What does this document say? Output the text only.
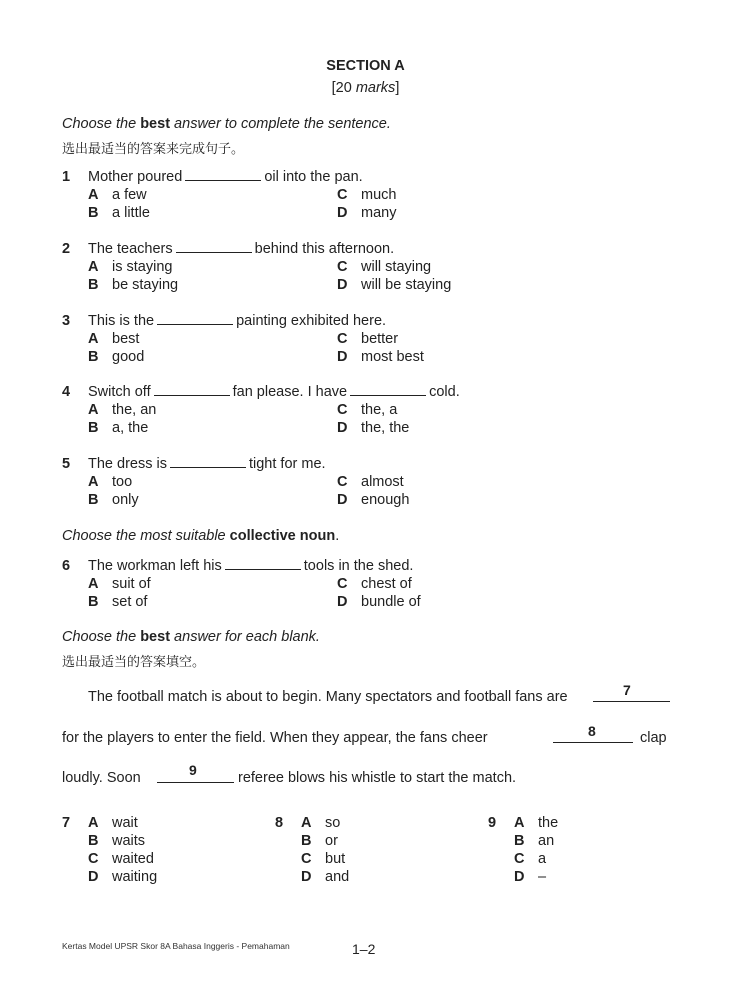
SECTION A
[20 marks]
Choose the best answer to complete the sentence.
选出最适当的答案来完成句子。
1 Mother poured	oil into the pan.
A a few
B a little
C much
D many
2 The teachers	behind this afternoon.
A is staying
B be staying
C will staying
D will be staying
3 This is the	painting exhibited here.
A best
B good
C better
D most best
4 Switch off	fan please. I have	cold.
A the, an
B a, the
C the, a
D the, the
5 The dress is	tight for me.
A too
B only
C almost
D enough
Choose the most suitable collective noun.
6 The workman left his	tools in the shed.
A suit of
B set of
C chest of
D bundle of
Choose the best answer for each blank.
选出最适当的答案填空。
The football match is about to begin. Many spectators and football fans are	7
for the players to enter the field. When they appear, the fans cheer	8	clap
loudly. Soon	9	referee blows his whistle to start the match.
7 A wait
B waits
C waited
D waiting
8 A so
B or
C but
D and
9 A the
B an
C a
D –
Kertas Model UPSR Skor 8A Bahasa Inggeris - Pemahaman	1–2
